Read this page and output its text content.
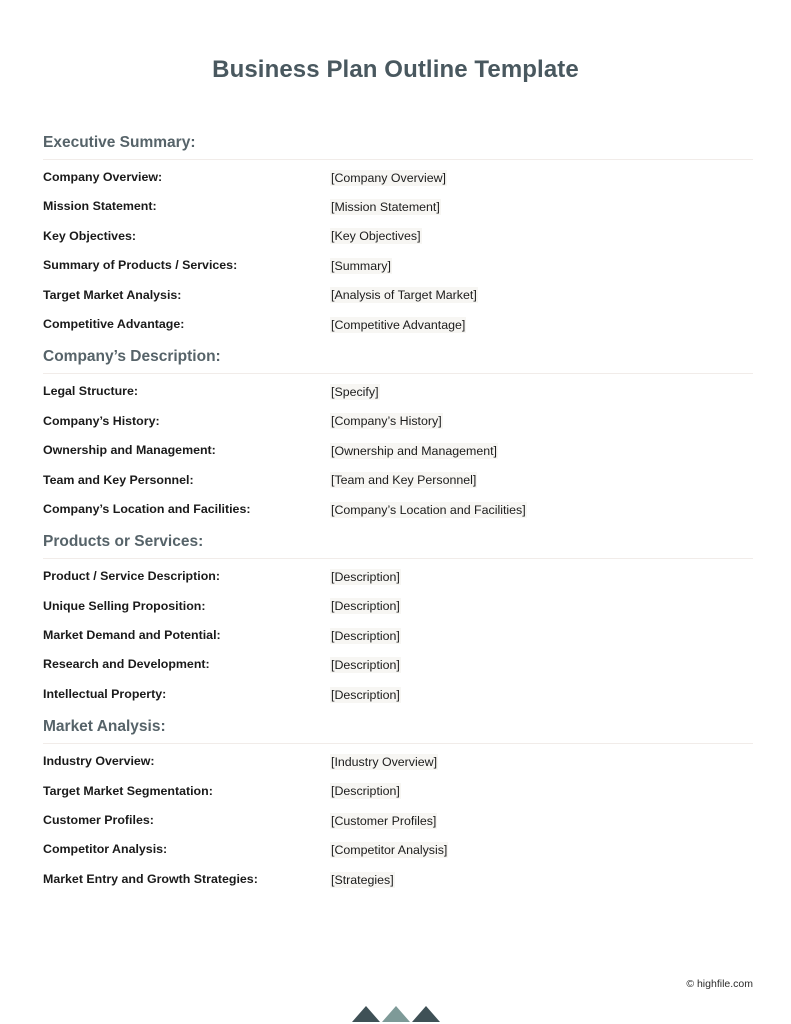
Business Plan Outline Template
Executive Summary:
Company Overview:	[Company Overview]
Mission Statement:	[Mission Statement]
Key Objectives:	[Key Objectives]
Summary of Products / Services:	[Summary]
Target Market Analysis:	[Analysis of Target Market]
Competitive Advantage:	[Competitive Advantage]
Company’s Description:
Legal Structure:	[Specify]
Company’s History:	[Company’s History]
Ownership and Management:	[Ownership and Management]
Team and Key Personnel:	[Team and Key Personnel]
Company’s Location and Facilities:	[Company’s Location and Facilities]
Products or Services:
Product / Service Description:	[Description]
Unique Selling Proposition:	[Description]
Market Demand and Potential:	[Description]
Research and Development:	[Description]
Intellectual Property:	[Description]
Market Analysis:
Industry Overview:	[Industry Overview]
Target Market Segmentation:	[Description]
Customer Profiles:	[Customer Profiles]
Competitor Analysis:	[Competitor Analysis]
Market Entry and Growth Strategies:	[Strategies]
© highfile.com
